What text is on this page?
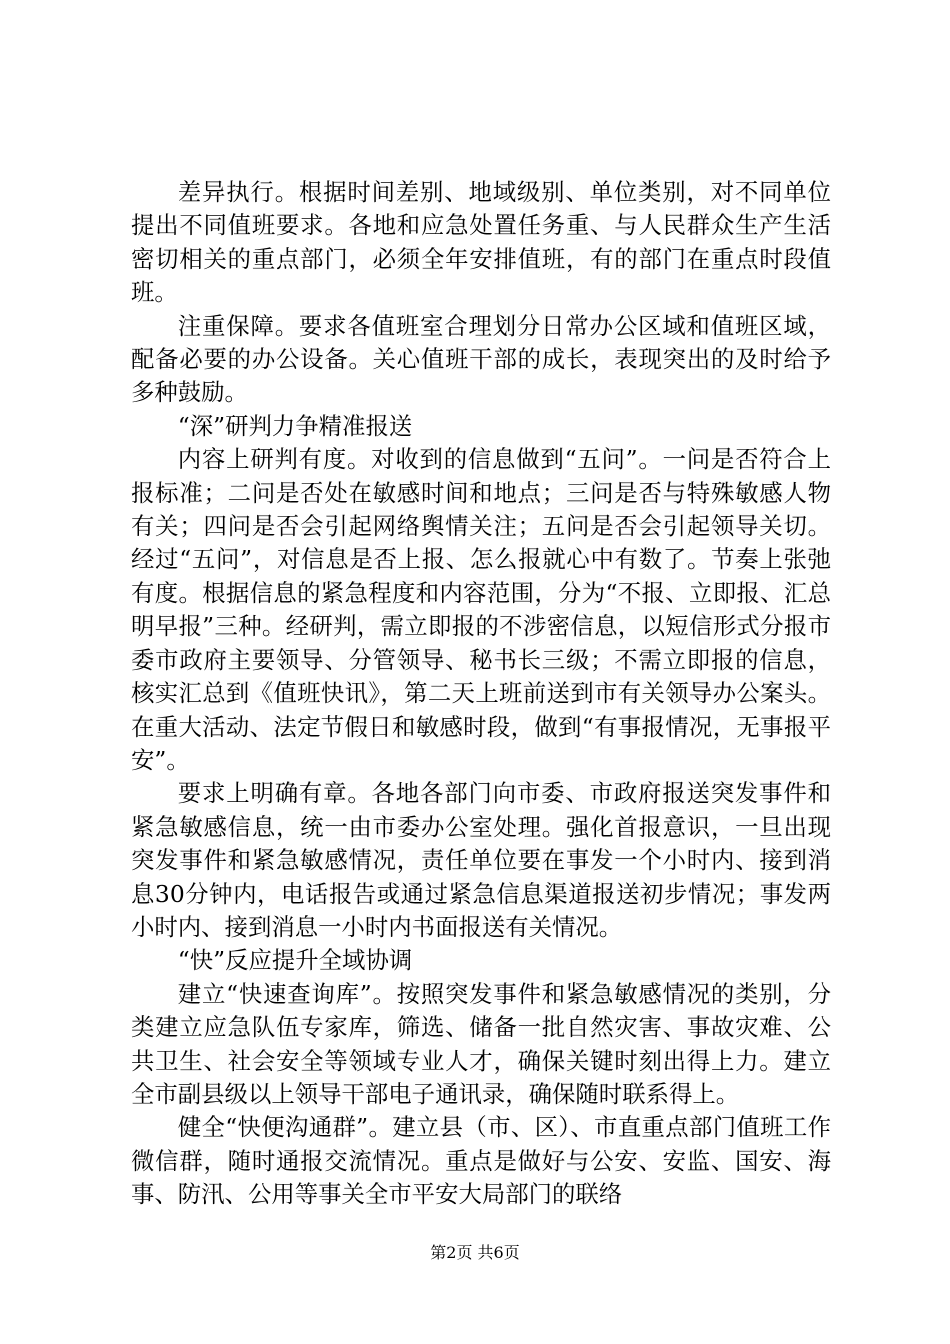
差异执行。根据时间差别、地域级别、单位类别，对不同单位提出不同值班要求。各地和应急处置任务重、与人民群众生产生活密切相关的重点部门，必须全年安排值班，有的部门在重点时段值班。

注重保障。要求各值班室合理划分日常办公区域和值班区域，配备必要的办公设备。关心值班干部的成长，表现突出的及时给予多种鼓励。

“深”研判力争精准报送

内容上研判有度。对收到的信息做到“五问”。一问是否符合上报标准；二问是否处在敏感时间和地点；三问是否与特殊敏感人物有关；四问是否会引起网络舆情关注；五问是否会引起领导关切。经过“五问”，对信息是否上报、怎么报就心中有数了。节奏上张弛有度。根据信息的紧急程度和内容范围，分为“不报、立即报、汇总明早报”三种。经研判，需立即报的不涉密信息，以短信形式分报市委市政府主要领导、分管领导、秘书长三级；不需立即报的信息，核实汇总到《值班快讯》，第二天上班前送到市有关领导办公案头。在重大活动、法定节假日和敏感时段，做到“有事报情况，无事报平安”。

要求上明确有章。各地各部门向市委、市政府报送突发事件和紧急敏感信息，统一由市委办公室处理。强化首报意识，一旦出现突发事件和紧急敏感情况，责任单位要在事发一个小时内、接到消息30分钟内，电话报告或通过紧急信息渠道报送初步情况；事发两小时内、接到消息一小时内书面报送有关情况。

“快”反应提升全域协调

建立“快速查询库”。按照突发事件和紧急敏感情况的类别，分类建立应急队伍专家库，筛选、储备一批自然灾害、事故灾难、公共卫生、社会安全等领域专业人才，确保关键时刻出得上力。建立全市副县级以上领导干部电子通讯录，确保随时联系得上。

健全“快便沟通群”。建立县（市、区）、市直重点部门值班工作微信群，随时通报交流情况。重点是做好与公安、安监、国安、海事、防汛、公用等事关全市平安大局部门的联络

第2页 共6页
